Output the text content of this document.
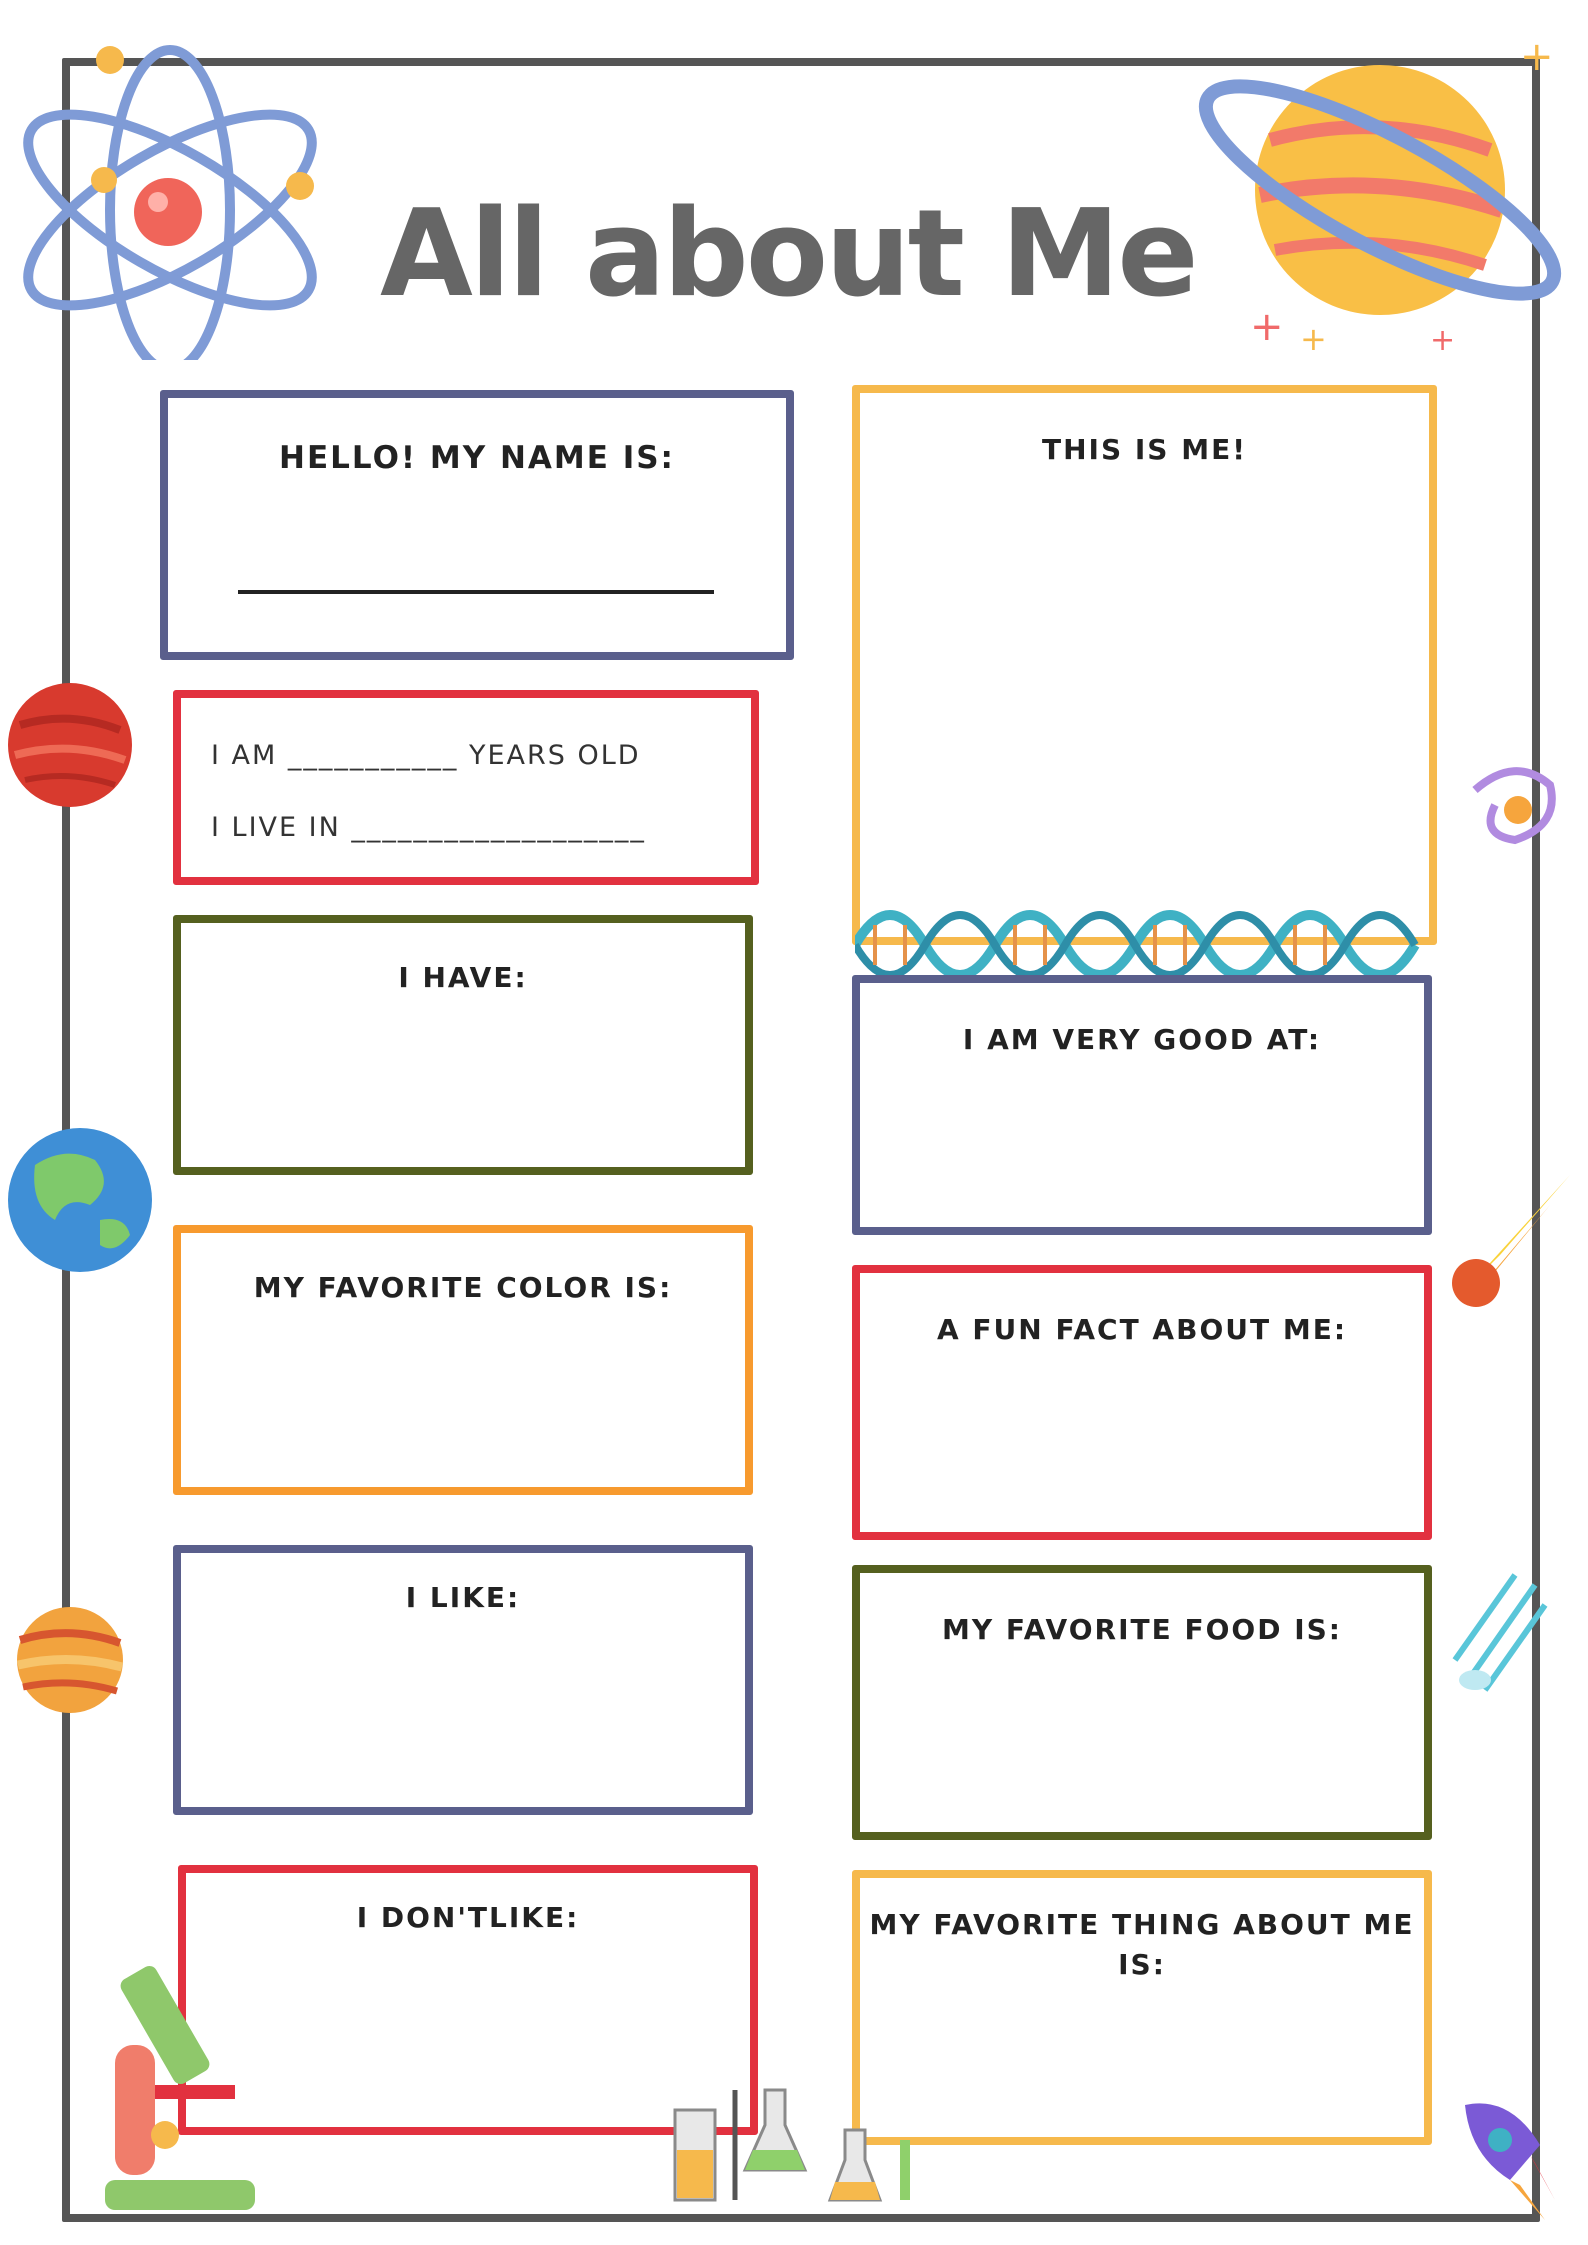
All about Me
+
+ +	+
HELLO! MY NAME IS:
I AM ___________ YEARS OLD
I LIVE IN ___________________
I HAVE:
MY FAVORITE COLOR IS:
I LIKE:
I DON'TLIKE:
THIS IS ME!
I AM VERY GOOD AT:
A FUN FACT ABOUT ME:
MY FAVORITE FOOD IS:
MY FAVORITE THING ABOUT ME
IS:
